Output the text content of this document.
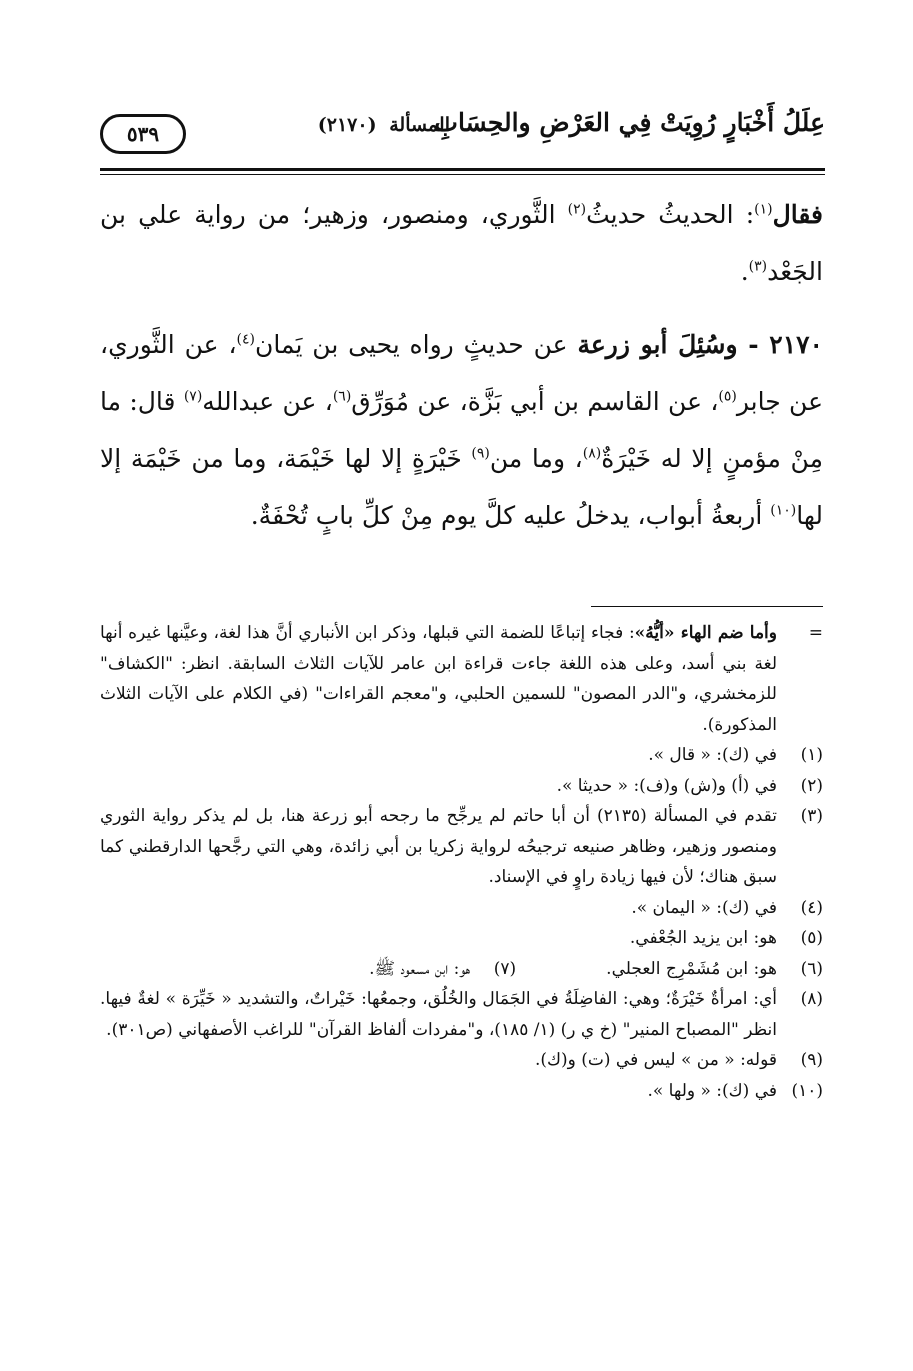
عِلَلُ أَخْبَارٍ رُوِيَتْ فِي العَرْضِ والحِسَابِ
المسألة (٢١٧٠)
٥٣٩

فقال$^{(١)}$: الحديثُ حديثُ$^{(٢)}$ الثَّوري، ومنصور، وزهير؛ من رواية علي بن الجَعْد$^{(٣)}$.

٢١٧٠ - وسُئِلَ أبو زرعة عن حديثٍ رواه يحيى بن يَمان$^{(٤)}$، عن الثَّوري، عن جابر$^{(٥)}$، عن القاسم بن أبي بَزَّة، عن مُوَرِّق$^{(٦)}$، عن عبدالله$^{(٧)}$ قال: ما مِنْ مؤمنٍ إلا له خَيْرَةٌ$^{(٨)}$، وما من$^{(٩)}$ خَيْرَةٍ إلا لها خَيْمَة، وما من خَيْمَة إلا لها$^{(١٠)}$ أربعةُ أبواب، يدخلُ عليه كلَّ يوم مِنْ كلِّ بابٍ تُحْفَةٌ.

=
وأما ضم الهاء «أيُّهُ»: فجاء إتباعًا للضمة التي قبلها، وذكر ابن الأنباري أنَّ هذا لغة، وعيَّنها غيره أنها لغة بني أسد، وعلى هذه اللغة جاءت قراءة ابن عامر للآيات الثلاث السابقة. انظر: "الكشاف" للزمخشري، و"الدر المصون" للسمين الحلبي، و"معجم القراءات" (في الكلام على الآيات الثلاث المذكورة).
(١)
في (ك): « قال ».
(٢)
في (أ) و(ش) و(ف): « حديثا ».
(٣)
تقدم في المسألة (٢١٣٥) أن أبا حاتم لم يرجِّح ما رجحه أبو زرعة هنا، بل لم يذكر رواية الثوري ومنصور وزهير، وظاهر صنيعه ترجيحُه لرواية زكريا بن أبي زائدة، وهي التي رجَّحها الدارقطني كما سبق هناك؛ لأن فيها زيادة راوٍ في الإسناد.
(٤)
في (ك): « اليمان ».
(٥)
هو: ابن يزيد الجُعْفي.
(٦)
هو: ابن مُشَمْرِج العجلي.
(٧)
هو: ابن مسعود ﷺ.
(٨)
أي: امرأةٌ خَيْرَةٌ؛ وهي: الفاضِلَةُ في الجَمَال والخُلُق، وجمعُها: خَيْراتٌ، والتشديد « خَيِّرَة » لغةٌ فيها. انظر "المصباح المنير" (خ ي ر) (١/ ١٨٥)، و"مفردات ألفاظ القرآن" للراغب الأصفهاني (ص٣٠١).
(٩)
قوله: « من » ليس في (ت) و(ك).
(١٠)
في (ك): « ولها ».
